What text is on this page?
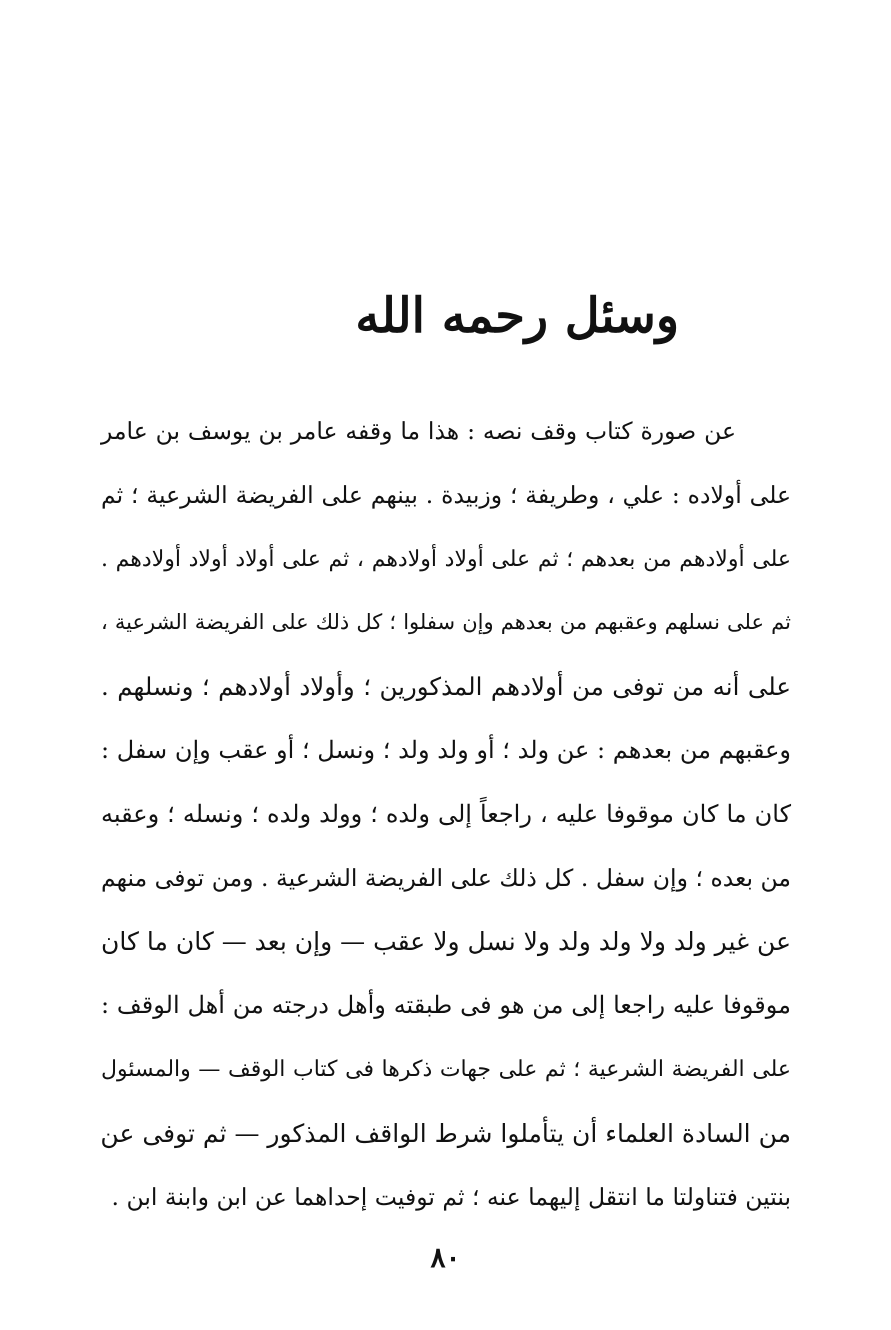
وسئل رحمه الله
عن صورة كتاب وقف نصه : هذا ما وقفه عامر بن يوسف بن عامر
على أولاده : علي ، وطريفة ؛ وزبيدة . بينهم على الفريضة الشرعية ؛ ثم
على أولادهم من بعدهم ؛ ثم على أولاد أولادهم ، ثم على أولاد أولاد أولادهم .
ثم على نسلهم وعقبهم من بعدهم وإن سفلوا ؛ كل ذلك على الفريضة الشرعية ،
على أنه من توفى من أولادهم المذكورين ؛ وأولاد أولادهم ؛ ونسلهم .
وعقبهم من بعدهم : عن ولد ؛ أو ولد ولد ؛ ونسل ؛ أو عقب وإن سفل :
كان ما كان موقوفا عليه ، راجعاً إلى ولده ؛ وولد ولده ؛ ونسله ؛ وعقبه
من بعده ؛ وإن سفل . كل ذلك على الفريضة الشرعية . ومن توفى منهم
عن غير ولد ولا ولد ولد ولا نسل ولا عقب — وإن بعد — كان ما كان
موقوفا عليه راجعا إلى من هو فى طبقته وأهل درجته من أهل الوقف :
على الفريضة الشرعية ؛ ثم على جهات ذكرها فى كتاب الوقف — والمسئول
من السادة العلماء أن يتأملوا شرط الواقف المذكور — ثم توفى عن
بنتين فتناولتا ما انتقل إليهما عنه ؛ ثم توفيت إحداهما عن ابن وابنة ابن .
٨٠
